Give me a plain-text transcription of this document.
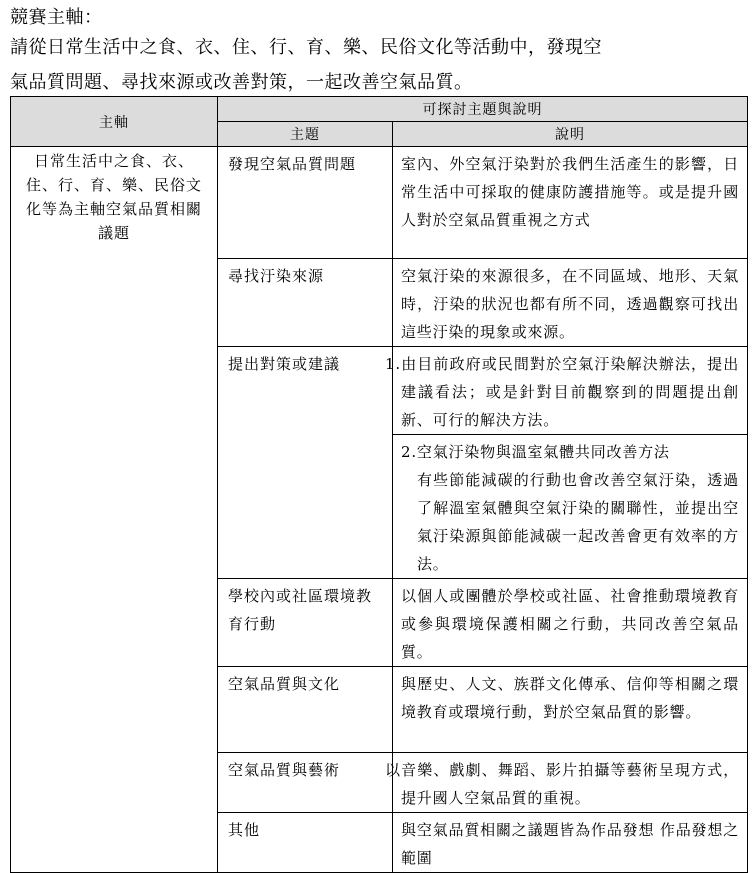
競賽主軸：
請從日常生活中之食、衣、住、行、育、樂、民俗文化等活動中，發現空
氣品質問題、尋找來源或改善對策，一起改善空氣品質。
主軸	可探討主題與說明	
	主題	說明
日常生活中之食、衣、住、行、育、樂、民俗文化等為主軸空氣品質相關議題	發現空氣品質問題	室內、外空氣汙染對於我們生活產生的影響，日常生活中可採取的健康防護措施等。或是提升國人對於空氣品質重視之方式
	尋找汙染來源	空氣汙染的來源很多，在不同區域、地形、天氣時，汙染的狀況也都有所不同，透過觀察可找出這些汙染的現象或來源。
	提出對策或建議	1.由目前政府或民間對於空氣汙染解決辦法，提出建議看法；或是針對目前觀察到的問題提出創新、可行的解決方法。

		2.空氣汙染物與溫室氣體共同改善方法
有些節能減碳的行動也會改善空氣汙染，透過了解溫室氣體與空氣汙染的關聯性，並提出空氣汙染源與節能減碳一起改善會更有效率的方法。

	學校內或社區環境教育行動	以個人或團體於學校或社區、社會推動環境教育或參與環境保護相關之行動，共同改善空氣品質。
	空氣品質與文化	與歷史、人文、族群文化傳承、信仰等相關之環境教育或環境行動，對於空氣品質的影響。
	空氣品質與藝術	以音樂、戲劇、舞蹈、影片拍攝等藝術呈現方式，提升國人空氣品質的重視。
	其他	與空氣品質相關之議題皆為作品發想 作品發想之範圍
